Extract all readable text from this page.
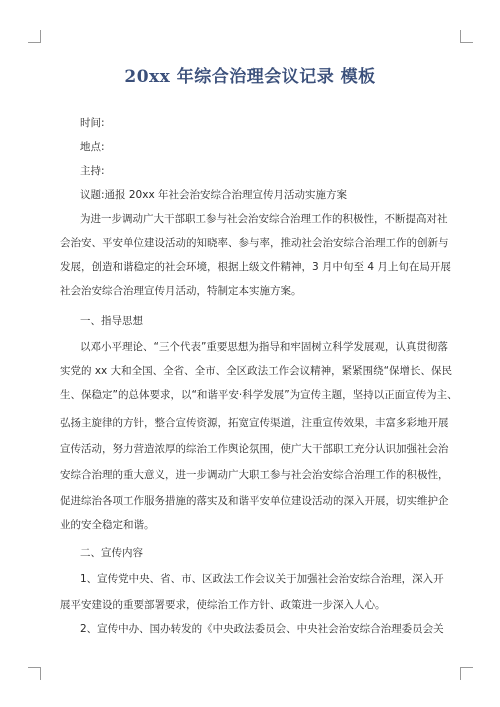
20xx 年综合治理会议记录 模板
时间:
地点:
主持:
议题:通报 20xx 年社会治安综合治理宣传月活动实施方案
为进一步调动广大干部职工参与社会治安综合治理工作的积极性，不断提高对社
会治安、平安单位建设活动的知晓率、参与率，推动社会治安综合治理工作的创新与
发展，创造和谐稳定的社会环境，根据上级文件精神，3 月中旬至 4 月上旬在局开展
社会治安综合治理宣传月活动，特制定本实施方案。
一、指导思想
以邓小平理论、“三个代表”重要思想为指导和牢固树立科学发展观，认真贯彻落
实党的 xx 大和全国、全省、全市、全区政法工作会议精神，紧紧围绕“保增长、保民
生、保稳定”的总体要求，以“和谐平安·科学发展”为宣传主题，坚持以正面宣传为主、
弘扬主旋律的方针，整合宣传资源，拓宽宣传渠道，注重宣传效果，丰富多彩地开展
宣传活动，努力营造浓厚的综治工作舆论氛围，使广大干部职工充分认识加强社会治
安综合治理的重大意义，进一步调动广大职工参与社会治安综合治理工作的积极性，
促进综治各项工作服务措施的落实及和谐平安单位建设活动的深入开展，切实维护企
业的安全稳定和谐。
二、宣传内容
1、宣传党中央、省、市、区政法工作会议关于加强社会治安综合治理，深入开
展平安建设的重要部署要求，使综治工作方针、政策进一步深入人心。
2、宣传中办、国办转发的《中央政法委员会、中央社会治安综合治理委员会关
